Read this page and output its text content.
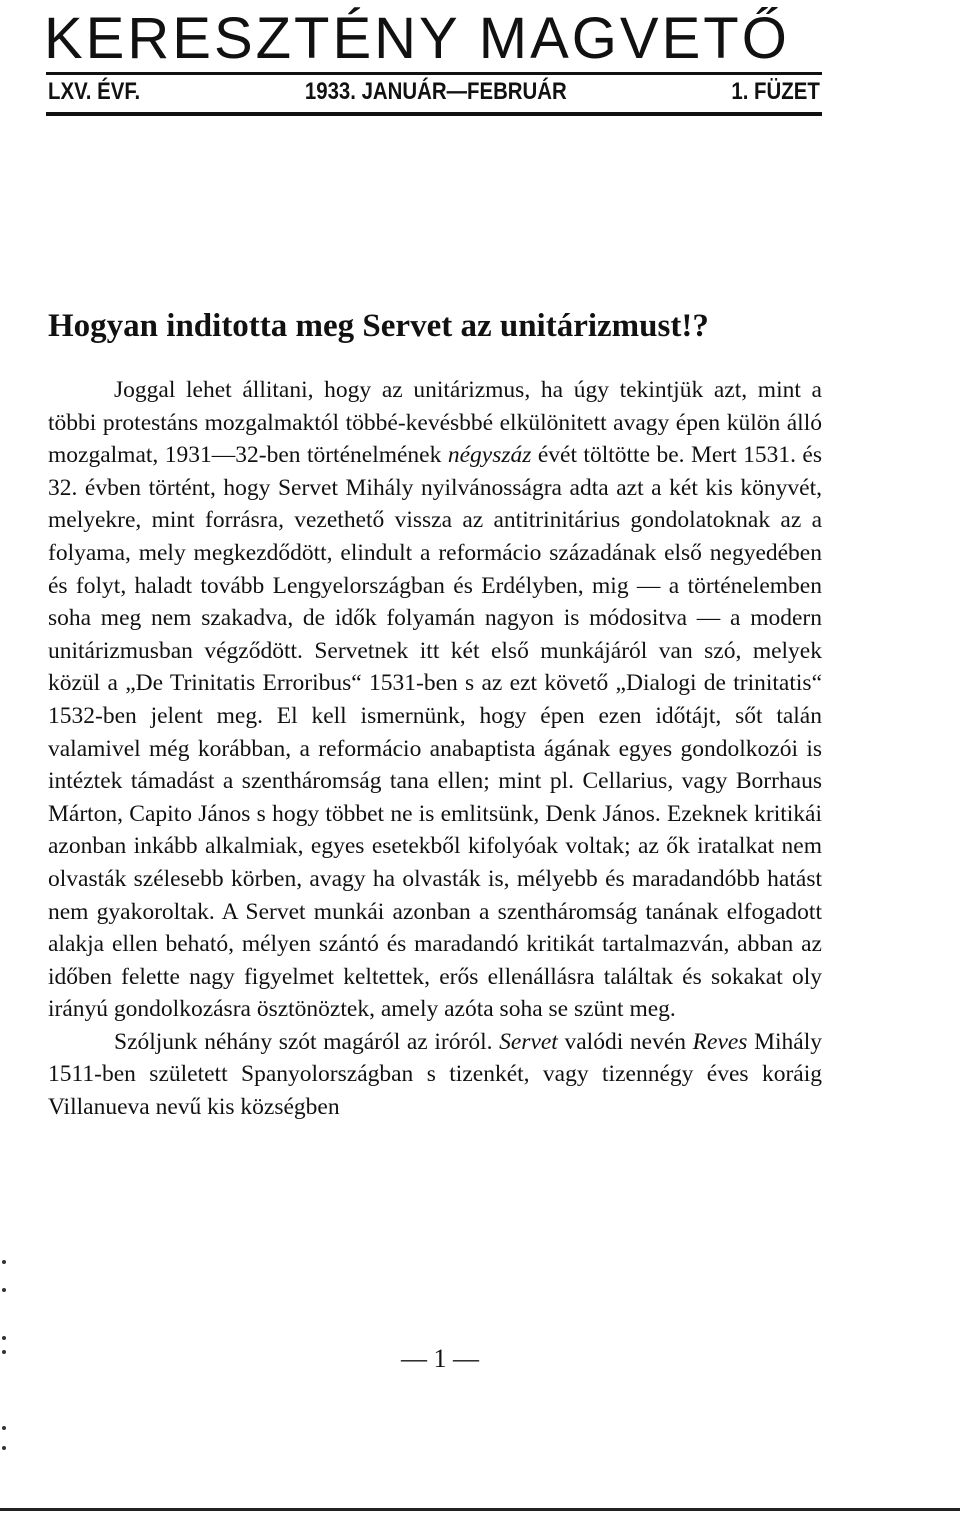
KERESZTÉNY MAGVETŐ
LXV. ÉVF.	1933. JANUÁR—FEBRUÁR	1. FÜZET
Hogyan inditotta meg Servet az unitárizmust!?

Joggal lehet állitani, hogy az unitárizmus, ha úgy tekintjük azt, mint a többi protestáns mozgalmaktól többé-kevésbbé elkülönitett avagy épen külön álló mozgalmat, 1931—32-ben történelmének négyszáz évét töltötte be. Mert 1531. és 32. évben történt, hogy Servet Mihály nyilvánosságra adta azt a két kis könyvét, melyekre, mint forrásra, vezethető vissza az antitrinitárius gondolatoknak az a folyama, mely megkezdődött, elindult a reformácio századának első negyedében és folyt, haladt tovább Lengyelországban és Erdélyben, mig — a történelemben soha meg nem szakadva, de idők folyamán nagyon is módositva — a modern unitárizmusban végződött. Servetnek itt két első munkájáról van szó, melyek közül a „De Trinitatis Erroribus“ 1531-ben s az ezt követő „Dialogi de trinitatis“ 1532-ben jelent meg. El kell ismernünk, hogy épen ezen időtájt, sőt talán valamivel még korábban, a reformácio anabaptista ágának egyes gondolkozói is intéztek támadást a szentháromság tana ellen; mint pl. Cellarius, vagy Borrhaus Márton, Capito János s hogy többet ne is emlitsünk, Denk János. Ezeknek kritikái azonban inkább alkalmiak, egyes esetekből kifolyóak voltak; az ők iratalkat nem olvasták szélesebb körben, avagy ha olvasták is, mélyebb és maradandóbb hatást nem gyakoroltak. A Servet munkái azonban a szentháromság tanának elfogadott alakja ellen beható, mélyen szántó és maradandó kritikát tartalmazván, abban az időben felette nagy figyelmet keltettek, erős ellenállásra találtak és sokakat oly irányú gondolkozásra ösztönöztek, amely azóta soha se szünt meg.

Szóljunk néhány szót magáról az iróról. Servet valódi nevén Reves Mihály 1511-ben született Spanyolországban s tizenkét, vagy tizennégy éves koráig Villanueva nevű kis községben

— 1 —
